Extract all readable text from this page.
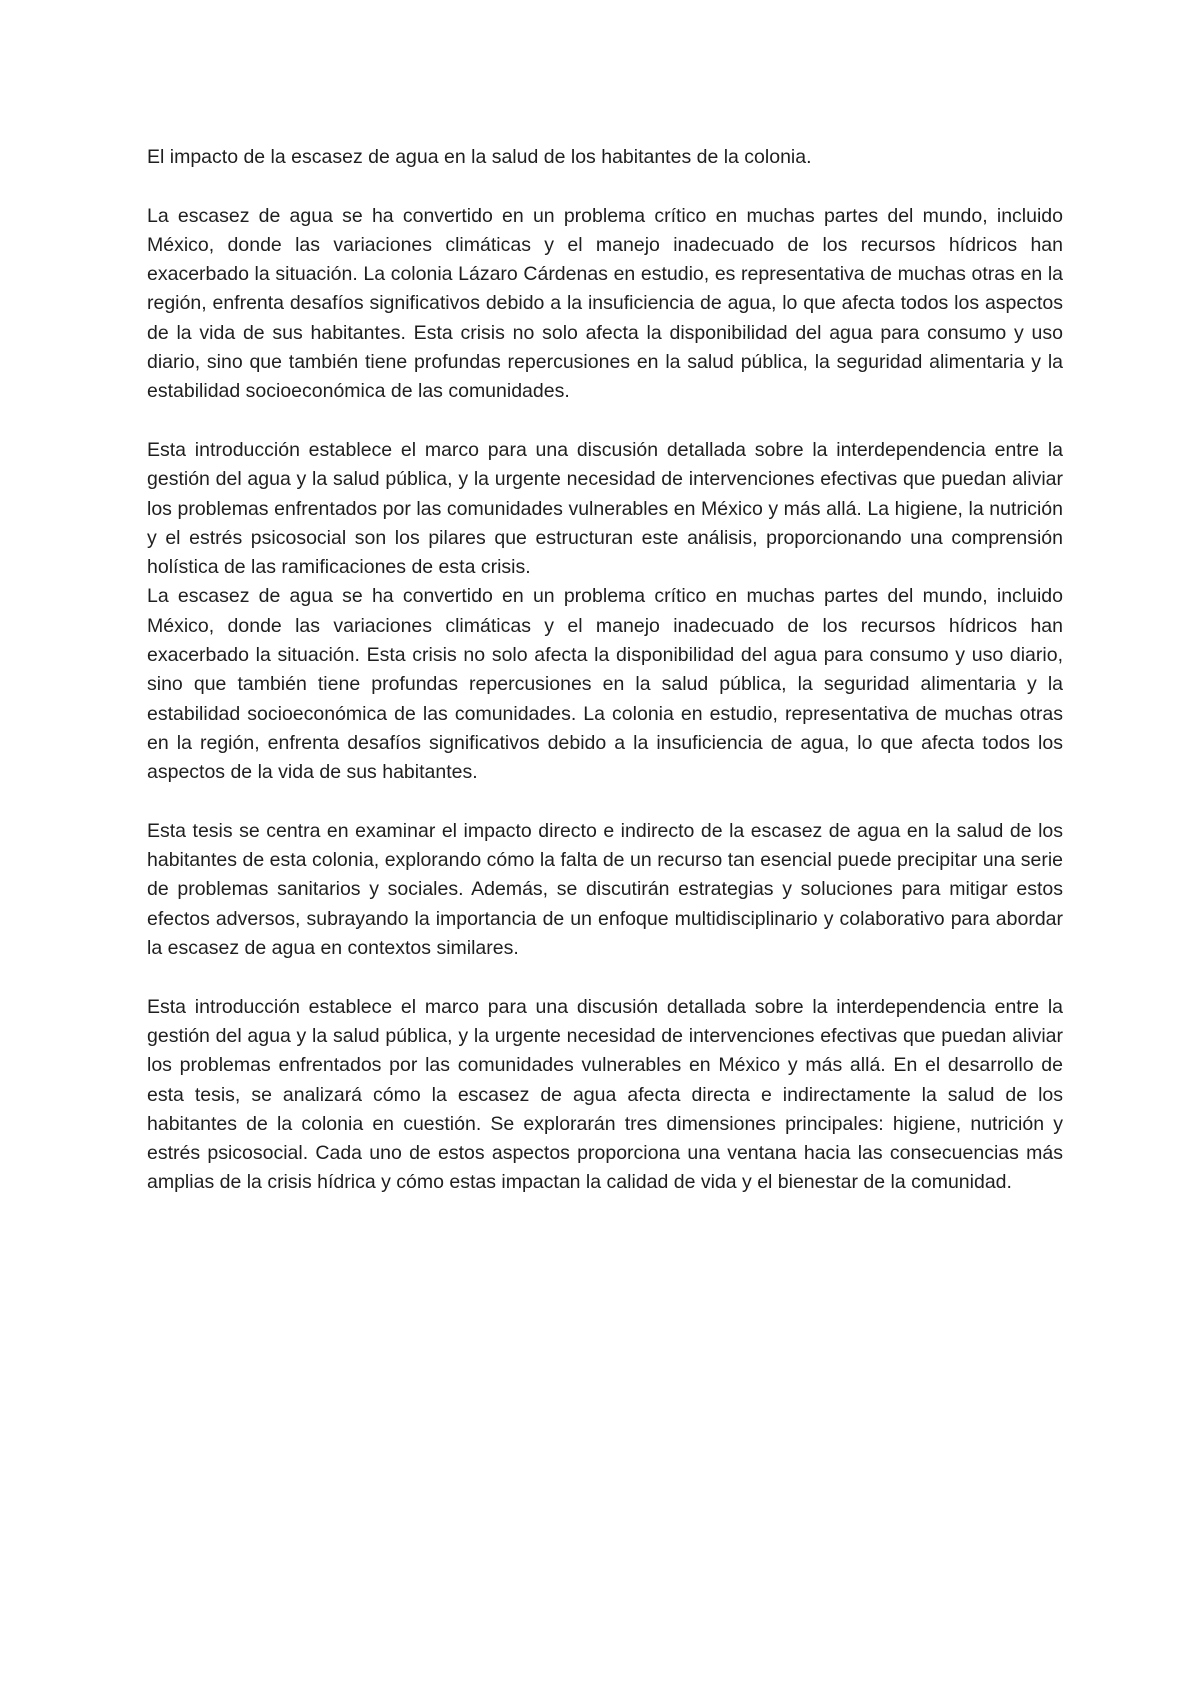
El impacto de la escasez de agua en la salud de los habitantes de la colonia.

La escasez de agua se ha convertido en un problema crítico en muchas partes del mundo, incluido México, donde las variaciones climáticas y el manejo inadecuado de los recursos hídricos han exacerbado la situación. La colonia Lázaro Cárdenas en estudio, es representativa de muchas otras en la región, enfrenta desafíos significativos debido a la insuficiencia de agua, lo que afecta todos los aspectos de la vida de sus habitantes. Esta crisis no solo afecta la disponibilidad del agua para consumo y uso diario, sino que también tiene profundas repercusiones en la salud pública, la seguridad alimentaria y la estabilidad socioeconómica de las comunidades.

Esta introducción establece el marco para una discusión detallada sobre la interdependencia entre la gestión del agua y la salud pública, y la urgente necesidad de intervenciones efectivas que puedan aliviar los problemas enfrentados por las comunidades vulnerables en México y más allá. La higiene, la nutrición y el estrés psicosocial son los pilares que estructuran este análisis, proporcionando una comprensión holística de las ramificaciones de esta crisis.

La escasez de agua se ha convertido en un problema crítico en muchas partes del mundo, incluido México, donde las variaciones climáticas y el manejo inadecuado de los recursos hídricos han exacerbado la situación. Esta crisis no solo afecta la disponibilidad del agua para consumo y uso diario, sino que también tiene profundas repercusiones en la salud pública, la seguridad alimentaria y la estabilidad socioeconómica de las comunidades. La colonia en estudio, representativa de muchas otras en la región, enfrenta desafíos significativos debido a la insuficiencia de agua, lo que afecta todos los aspectos de la vida de sus habitantes.

Esta tesis se centra en examinar el impacto directo e indirecto de la escasez de agua en la salud de los habitantes de esta colonia, explorando cómo la falta de un recurso tan esencial puede precipitar una serie de problemas sanitarios y sociales. Además, se discutirán estrategias y soluciones para mitigar estos efectos adversos, subrayando la importancia de un enfoque multidisciplinario y colaborativo para abordar la escasez de agua en contextos similares.

Esta introducción establece el marco para una discusión detallada sobre la interdependencia entre la gestión del agua y la salud pública, y la urgente necesidad de intervenciones efectivas que puedan aliviar los problemas enfrentados por las comunidades vulnerables en México y más allá. En el desarrollo de esta tesis, se analizará cómo la escasez de agua afecta directa e indirectamente la salud de los habitantes de la colonia en cuestión. Se explorarán tres dimensiones principales: higiene, nutrición y estrés psicosocial. Cada uno de estos aspectos proporciona una ventana hacia las consecuencias más amplias de la crisis hídrica y cómo estas impactan la calidad de vida y el bienestar de la comunidad.
